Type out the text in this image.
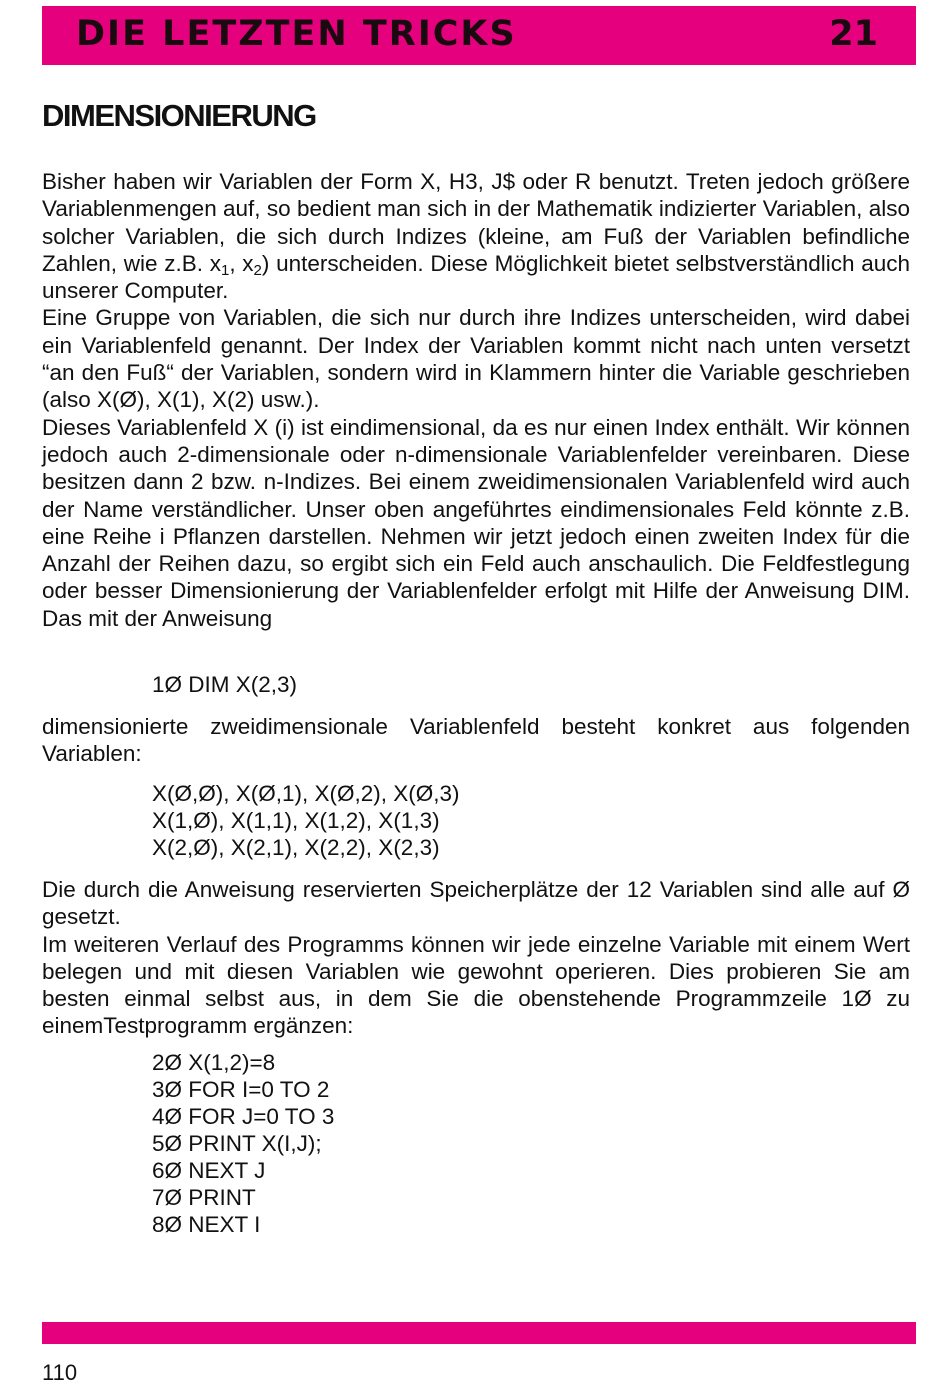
DIE LETZTEN TRICKS	21
DIMENSIONIERUNG

Bisher haben wir Variablen der Form X, H3, J$ oder R benutzt. Treten jedoch größere Variablenmengen auf, so bedient man sich in der Mathematik indizierter Variablen, also solcher Variablen, die sich durch Indizes (kleine, am Fuß der Variablen befindliche Zahlen, wie z.B. $x_1$, $x_2$) unterscheiden. Diese Möglichkeit bietet selbstverständlich auch unserer Computer.

Eine Gruppe von Variablen, die sich nur durch ihre Indizes unterscheiden, wird dabei ein Variablenfeld genannt. Der Index der Variablen kommt nicht nach unten versetzt “an den Fuß“ der Variablen, sondern wird in Klammern hinter die Variable geschrieben (also X(Ø), X(1), X(2) usw.).

Dieses Variablenfeld X (i) ist eindimensional, da es nur einen Index enthält. Wir können jedoch auch 2-dimensionale oder n-dimensionale Variablenfelder vereinbaren. Diese besitzen dann 2 bzw. n-Indizes. Bei einem zweidimensionalen Variablenfeld wird auch der Name verständlicher. Unser oben angeführtes eindimensionales Feld könnte z.B. eine Reihe i Pflanzen darstellen. Nehmen wir jetzt jedoch einen zweiten Index für die Anzahl der Reihen dazu, so ergibt sich ein Feld auch anschaulich. Die Feldfestlegung oder besser Dimensionierung der Variablenfelder erfolgt mit Hilfe der Anweisung DIM. Das mit der Anweisung

1Ø DIM X(2,3)

dimensionierte zweidimensionale Variablenfeld besteht konkret aus folgenden Variablen:

X(Ø,Ø), X(Ø,1), X(Ø,2), X(Ø,3)
X(1,Ø), X(1,1), X(1,2), X(1,3)
X(2,Ø), X(2,1), X(2,2), X(2,3)

Die durch die Anweisung reservierten Speicherplätze der 12 Variablen sind alle auf Ø gesetzt.

Im weiteren Verlauf des Programms können wir jede einzelne Variable mit einem Wert belegen und mit diesen Variablen wie gewohnt operieren. Dies probieren Sie am besten einmal selbst aus, in dem Sie die obenstehende Programmzeile 1Ø zu einemTestprogramm ergänzen:

2Ø X(1,2)=8
3Ø FOR I=0 TO 2
4Ø FOR J=0 TO 3
5Ø PRINT X(I,J);
6Ø NEXT J
7Ø PRINT
8Ø NEXT I
110
